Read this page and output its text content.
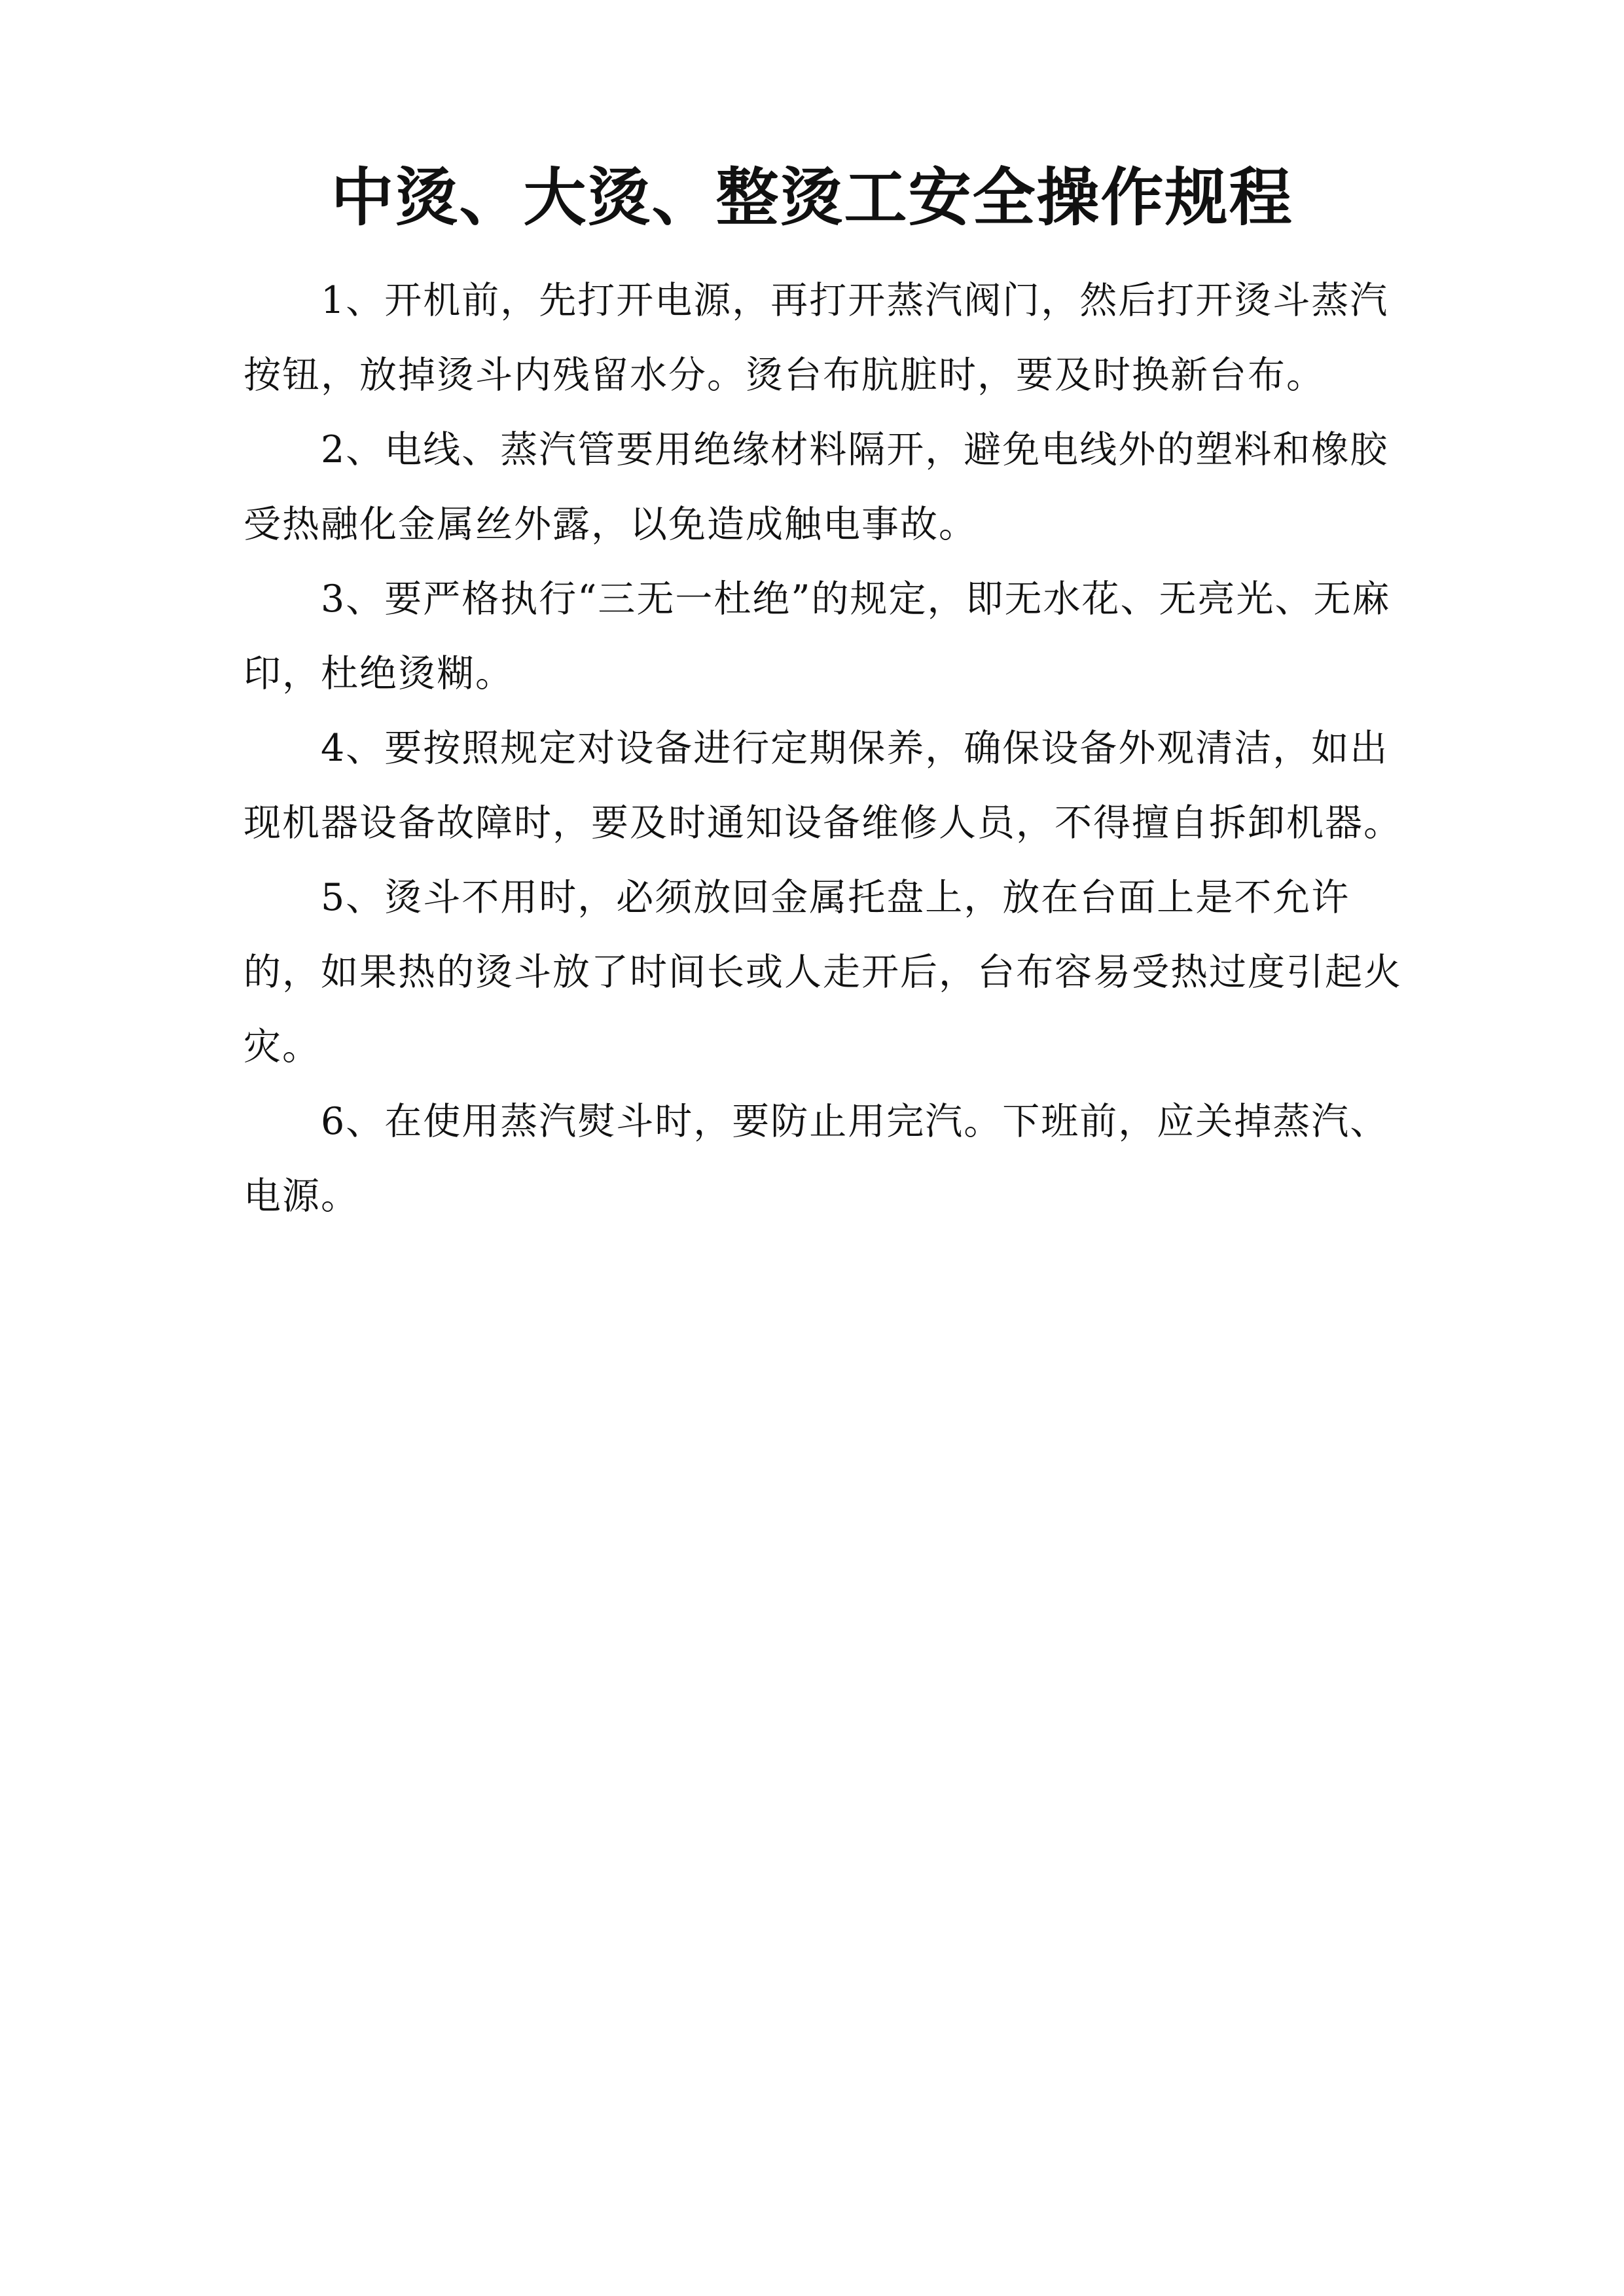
中烫、大烫、整烫工安全操作规程

1、开机前，先打开电源，再打开蒸汽阀门，然后打开烫斗蒸汽按钮，放掉烫斗内残留水分。烫台布肮脏时，要及时换新台布。

2、电线、蒸汽管要用绝缘材料隔开，避免电线外的塑料和橡胶受热融化金属丝外露，以免造成触电事故。

3、要严格执行“三无一杜绝”的规定，即无水花、无亮光、无麻印，杜绝烫糊。

4、要按照规定对设备进行定期保养，确保设备外观清洁，如出现机器设备故障时，要及时通知设备维修人员，不得擅自拆卸机器。

5、烫斗不用时，必须放回金属托盘上，放在台面上是不允许的，如果热的烫斗放了时间长或人走开后，台布容易受热过度引起火灾。

6、在使用蒸汽熨斗时，要防止用完汽。下班前，应关掉蒸汽、电源。
